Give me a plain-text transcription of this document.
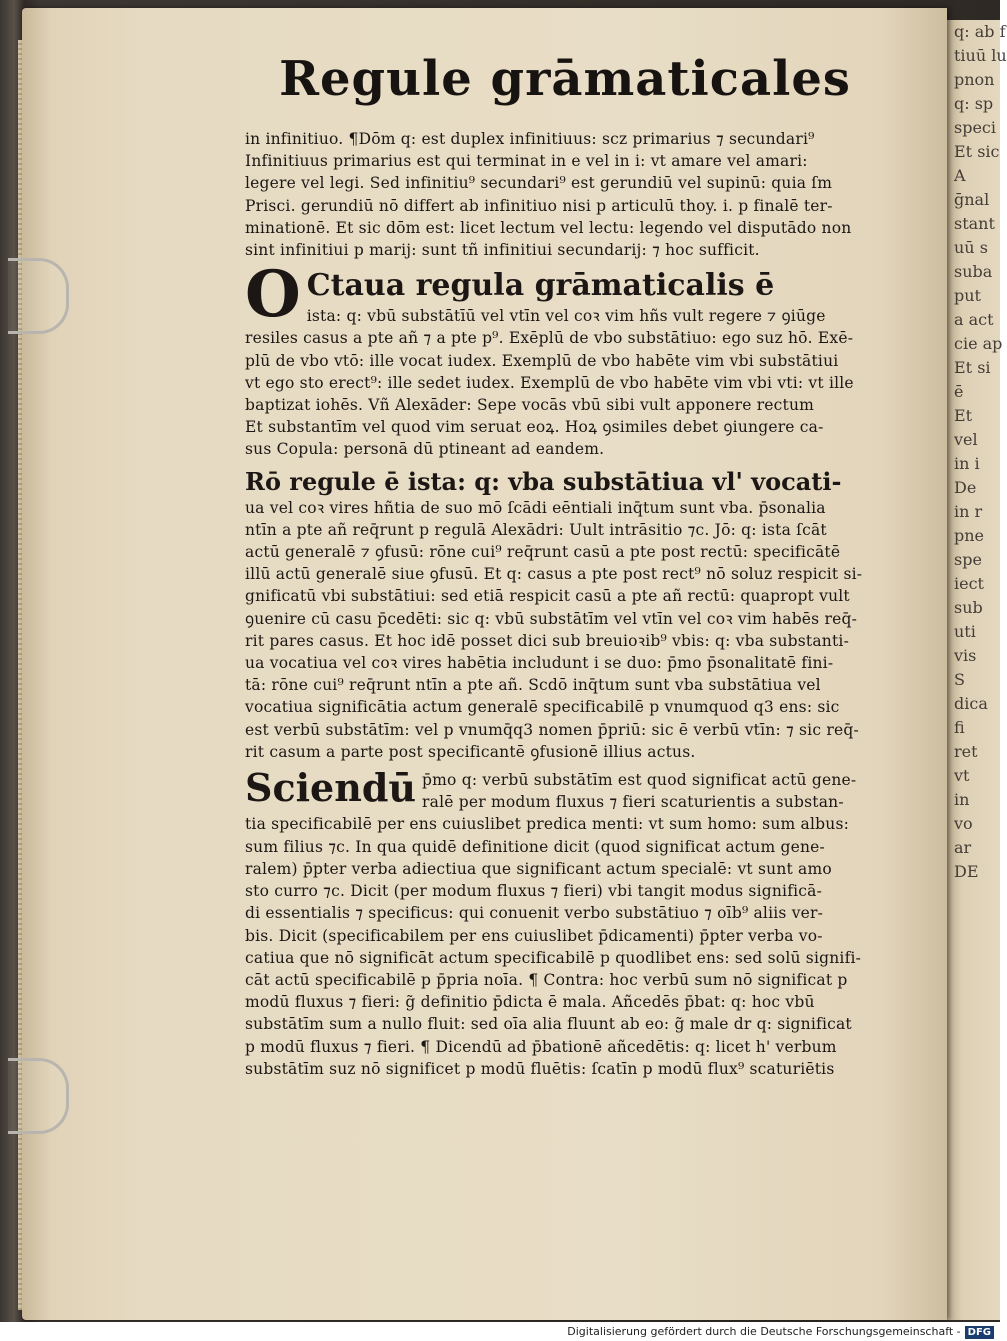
q: ab f
tiuū lu
pnon
q: sp
speci
Et sic
A
ḡnal
stant
uū s
suba
put
a act
cie ap
Et si
ē
Et
vel
in i
De
in r
pne
spe
iect
sub
uti
vis
S
dica
fi
ret
vt
in
vo
ar
DE
Regule grāmaticales
in infinitiuo. ¶Dōm q: est duplex infinitiuus: scz primarius ⁊ secundari⁹
Infinitiuus primarius est qui terminat in e vel in i: vt amare vel amari:
legere vel legi. Sed infinitiu⁹ secundari⁹ est gerundiū vel supinū: quia ſm
Prisci. gerundiū nō differt ab infinitiuo nisi p articulū thoy. i. p finalē ter-
minationē. Et sic dōm est: licet lectum vel lectu: legendo vel disputādo non
sint infinitiui p marij: sunt tñ infinitiui secundarij: ⁊ hoc sufficit.
O Ctaua regula grāmaticalis ē
ista: q: vbū substātīū vel vtīn vel coꝛ vim hñs vult regere ⁊ ꝯiūge
resiles casus a pte añ ⁊ a pte p⁹. Exēplū de vbo substātiuo: ego suz hō. Exē-
plū de vbo vtō: ille vocat iudex. Exemplū de vbo habēte vim vbi substātiui
vt ego sto erect⁹: ille sedet iudex. Exemplū de vbo habēte vim vbi vti: vt ille
baptizat iohēs. Vñ Alexāder: Sepe vocās vbū sibi vult apponere rectum
Et substantīm vel quod vim seruat eoꝝ. Hoꝝ ꝯsimiles debet ꝯiungere ca-
sus Copula: personā dū ptineant ad eandem.
Rō regule ē ista: q: vba substātiua vl' vocati-
ua vel coꝛ vires hñtia de suo mō ſcādi eēntiali inq̄tum sunt vba. p̄sonalia
ntīn a pte añ req̄runt p regulā Alexādri: Uult intrāsitio ⁊c. Jō: q: ista ſcāt
actū generalē ⁊ ꝯfusū: rōne cui⁹ req̄runt casū a pte post rectū: specificātē
illū actū generalē siue ꝯfusū. Et q: casus a pte post rect⁹ nō soluz respicit si-
gnificatū vbi substātiui: sed etiā respicit casū a pte añ rectū: quapropt vult
ꝯuenire cū casu p̄cedēti: sic q: vbū substātīm vel vtīn vel coꝛ vim habēs req̄-
rit pares casus. Et hoc idē posset dici sub breuioꝛib⁹ vbis: q: vba substanti-
ua vocatiua vel coꝛ vires habētia includunt i se duo: p̄mo p̄sonalitatē fini-
tā: rōne cui⁹ req̄runt ntīn a pte añ. Scdō inq̄tum sunt vba substātiua vel
vocatiua significātia actum generalē specificabilē p vnumquod q3 ens: sic
est verbū substātīm: vel p vnumq̄q3 nomen p̄priū: sic ē verbū vtīn: ⁊ sic req̄-
rit casum a parte post specificantē ꝯfusionē illius actus.
Sciendū p̄mo q: verbū substātīm est quod significat actū gene-
ralē per modum fluxus ⁊ fieri scaturientis a substan-
tia specificabilē per ens cuiuslibet predica menti: vt sum homo: sum albus:
sum filius ⁊c. In qua quidē definitione dicit (quod significat actum gene-
ralem) p̄pter verba adiectiua que significant actum specialē: vt sunt amo
sto curro ⁊c. Dicit (per modum fluxus ⁊ fieri) vbi tangit modus significā-
di essentialis ⁊ specificus: qui conuenit verbo substātiuo ⁊ oīb⁹ aliis ver-
bis. Dicit (specificabilem per ens cuiuslibet p̄dicamenti) p̄pter verba vo-
catiua que nō significāt actum specificabilē p quodlibet ens: sed solū signifi-
cāt actū specificabilē p p̄pria noīa. ¶ Contra: hoc verbū sum nō significat p
modū fluxus ⁊ fieri: g̃ definitio p̄dicta ē mala. Añcedēs p̄bat: q: hoc vbū
substātīm sum a nullo fluit: sed oīa alia fluunt ab eo: g̃ male dr q: significat
p modū fluxus ⁊ fieri. ¶ Dicendū ad p̄bationē añcedētis: q: licet h' verbum
substātīm suz nō significet p modū fluētis: ſcatīn p modū flux⁹ scaturiētis
Digitalisierung gefördert durch die Deutsche Forschungsgemeinschaft - DFG
